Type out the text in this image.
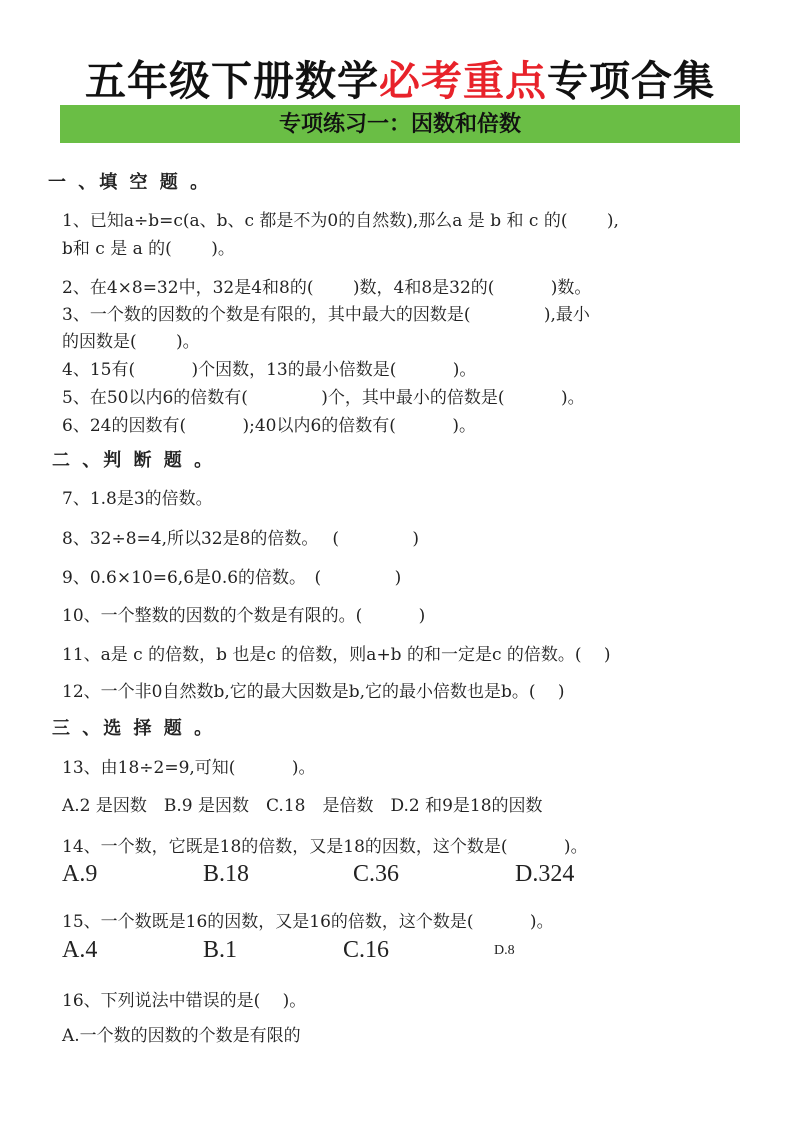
五年级下册数学必考重点专项合集
专项练习一：因数和倍数
一 、填 空 题 。
1、已知a÷b=c(a、b、c 都是不为0的自然数),那么a 是 b 和 c 的(　　 ),
b和 c 是 a 的(　　 )。
2、在4×8=32中，32是4和8的(　　 )数，4和8是32的(　　　 )数。
3、一个数的因数的个数是有限的，其中最大的因数是(　　　　 ),最小
的因数是(　　 )。
4、15有(　　　 )个因数，13的最小倍数是(　　　 )。
5、在50以内6的倍数有(　　　　 )个，其中最小的倍数是(　　　 )。
6、24的因数有(　　　 );40以内6的倍数有(　　　 )。
二 、判 断 题 。
7、1.8是3的倍数。
8、32÷8=4,所以32是8的倍数。　 (　　　　 )
9、0.6×10=6,6是0.6的倍数。　(　　　　 )
10、一个整数的因数的个数是有限的。(　　　 )
11、a是 c 的倍数，b 也是c 的倍数，则a+b 的和一定是c 的倍数。(　 )
12、一个非0自然数b,它的最大因数是b,它的最小倍数也是b。(　 )
三 、选 择 题 。
13、由18÷2=9,可知(　　　 )。
A.2 是因数　B.9 是因数　C.18　是倍数　D.2 和9是18的因数
14、一个数，它既是18的倍数，又是18的因数，这个数是(　　　 )。
A.9	B.18	C.36	D.324
15、一个数既是16的因数，又是16的倍数，这个数是(　　　 )。
A.4	B.1	C.16	D.8
16、下列说法中错误的是(　 )。
A.一个数的因数的个数是有限的
